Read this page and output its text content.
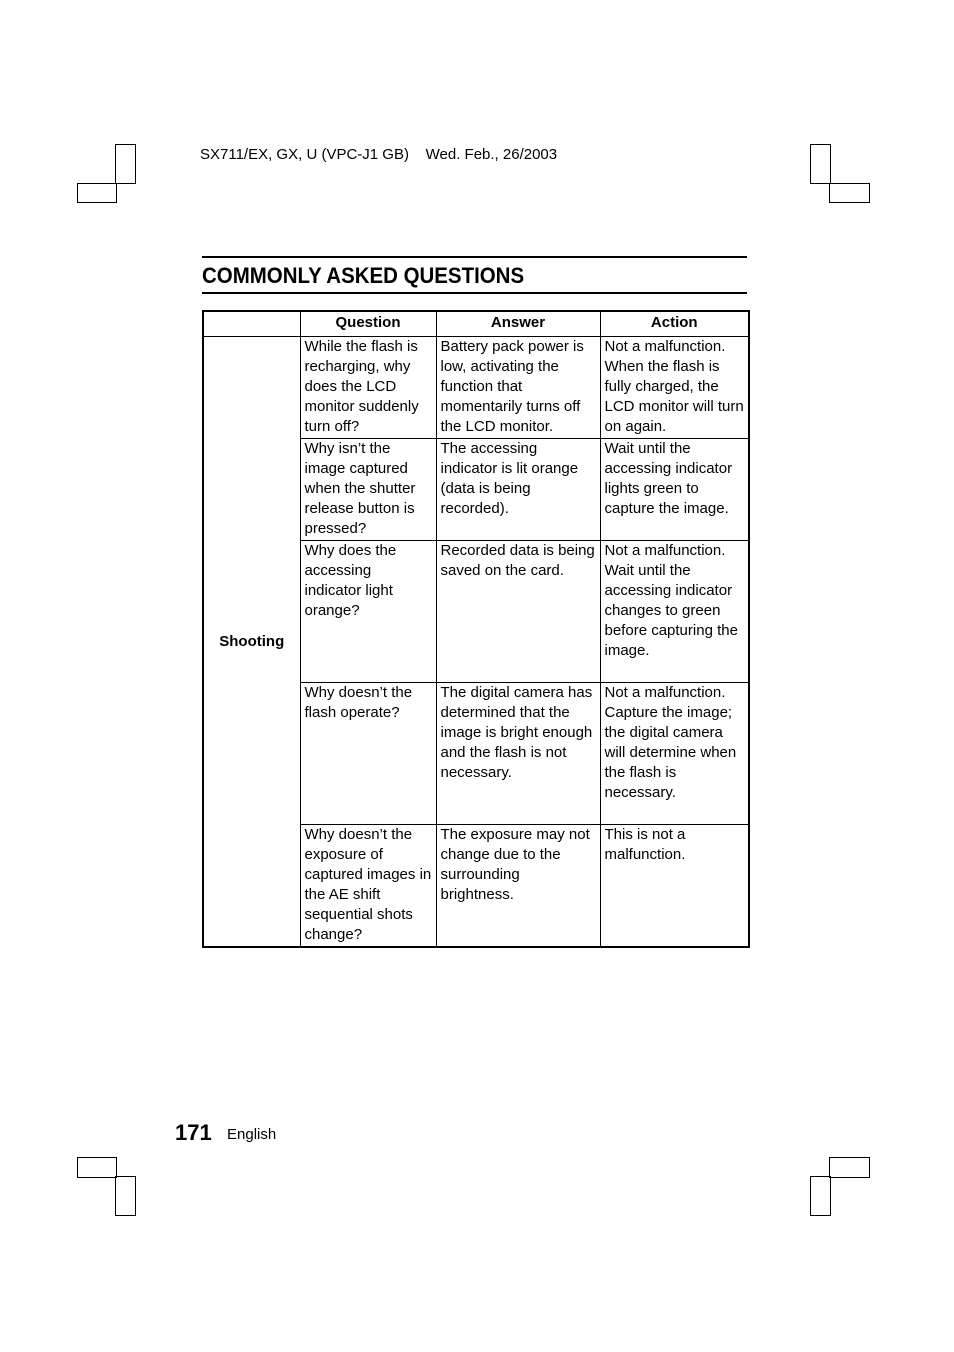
SX711/EX, GX, U (VPC-J1 GB) Wed. Feb., 26/2003
COMMONLY ASKED QUESTIONS
	Question	Answer	Action
Shooting	While the flash is recharging, why does the LCD monitor suddenly turn off?	Battery pack power is low, activating the function that momentarily turns off the LCD monitor.	Not a malfunction. When the flash is fully charged, the LCD monitor will turn on again.
	Why isn’t the image captured when the shutter release button is pressed?	The accessing indicator is lit orange (data is being recorded).	Wait until the accessing indicator lights green to capture the image.
	Why does the accessing indicator light orange?	Recorded data is being saved on the card.	Not a malfunction. Wait until the accessing indicator changes to green before capturing the image.
	Why doesn’t the flash operate?	The digital camera has determined that the image is bright enough and the flash is not necessary.	Not a malfunction. Capture the image; the digital camera will determine when the flash is necessary.
	Why doesn’t the exposure of captured images in the AE shift sequential shots change?	The exposure may not change due to the surrounding brightness.	This is not a malfunction.
171 English
